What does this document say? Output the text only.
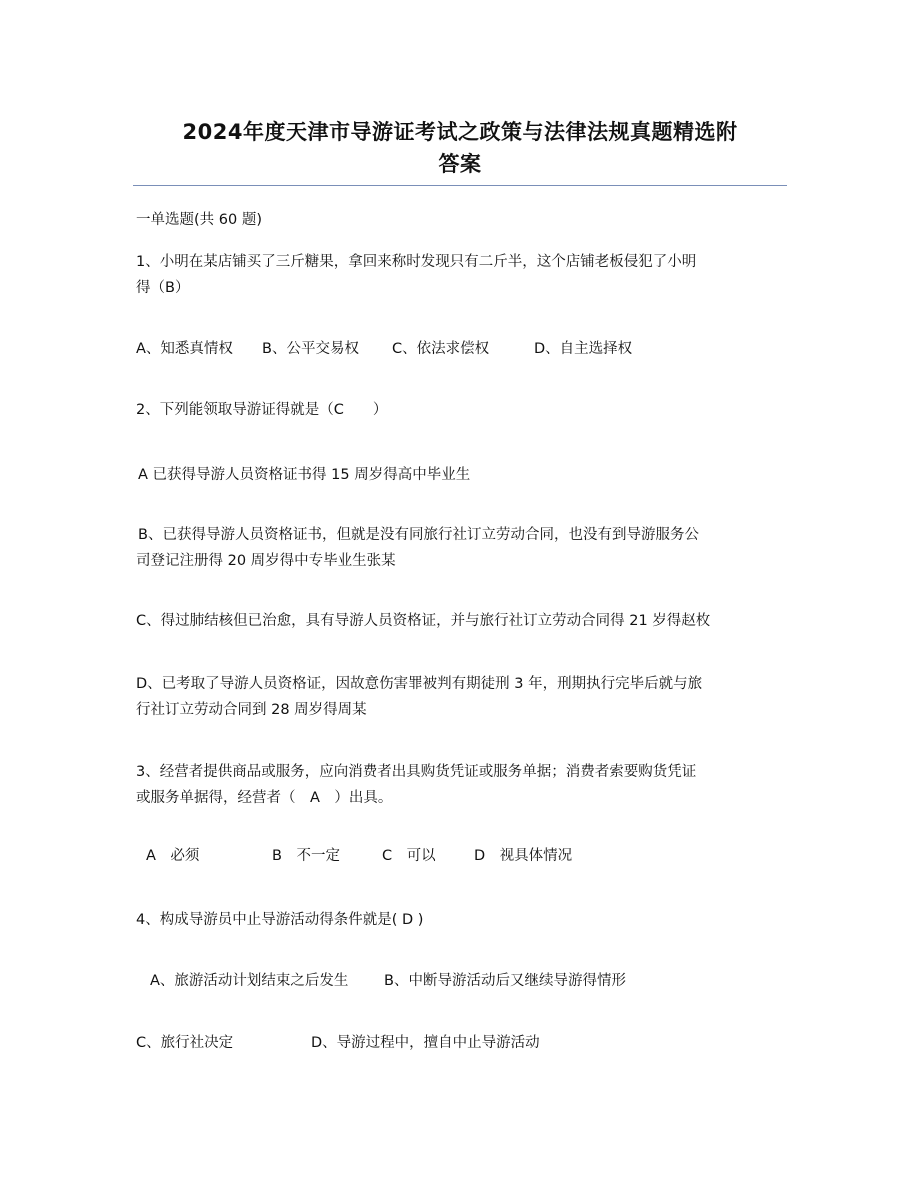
2024年度天津市导游证考试之政策与法律法规真题精选附
答案
一单选题(共 60 题)
1、小明在某店铺买了三斤糖果，拿回来称时发现只有二斤半，这个店铺老板侵犯了小明
得（B）
A、知悉真情权 B、公平交易权 C、依法求偿权	D、自主选择权
2、下列能领取导游证得就是（C　　）
A 已获得导游人员资格证书得 15 周岁得高中毕业生
B、已获得导游人员资格证书，但就是没有同旅行社订立劳动合同，也没有到导游服务公
司登记注册得 20 周岁得中专毕业生张某
C、得过肺结核但已治愈，具有导游人员资格证，并与旅行社订立劳动合同得 21 岁得赵枚
D、已考取了导游人员资格证，因故意伤害罪被判有期徒刑 3 年，刑期执行完毕后就与旅
行社订立劳动合同到 28 周岁得周某
3、经营者提供商品或服务，应向消费者出具购货凭证或服务单据；消费者索要购货凭证
或服务单据得，经营者（　A　）出具。
A　必须	B　不一定	C　可以	D　视具体情况
4、构成导游员中止导游活动得条件就是( D )
A、旅游活动计划结束之后发生 B、中断导游活动后又继续导游得情形
C、旅行社决定	D、导游过程中，擅自中止导游活动
